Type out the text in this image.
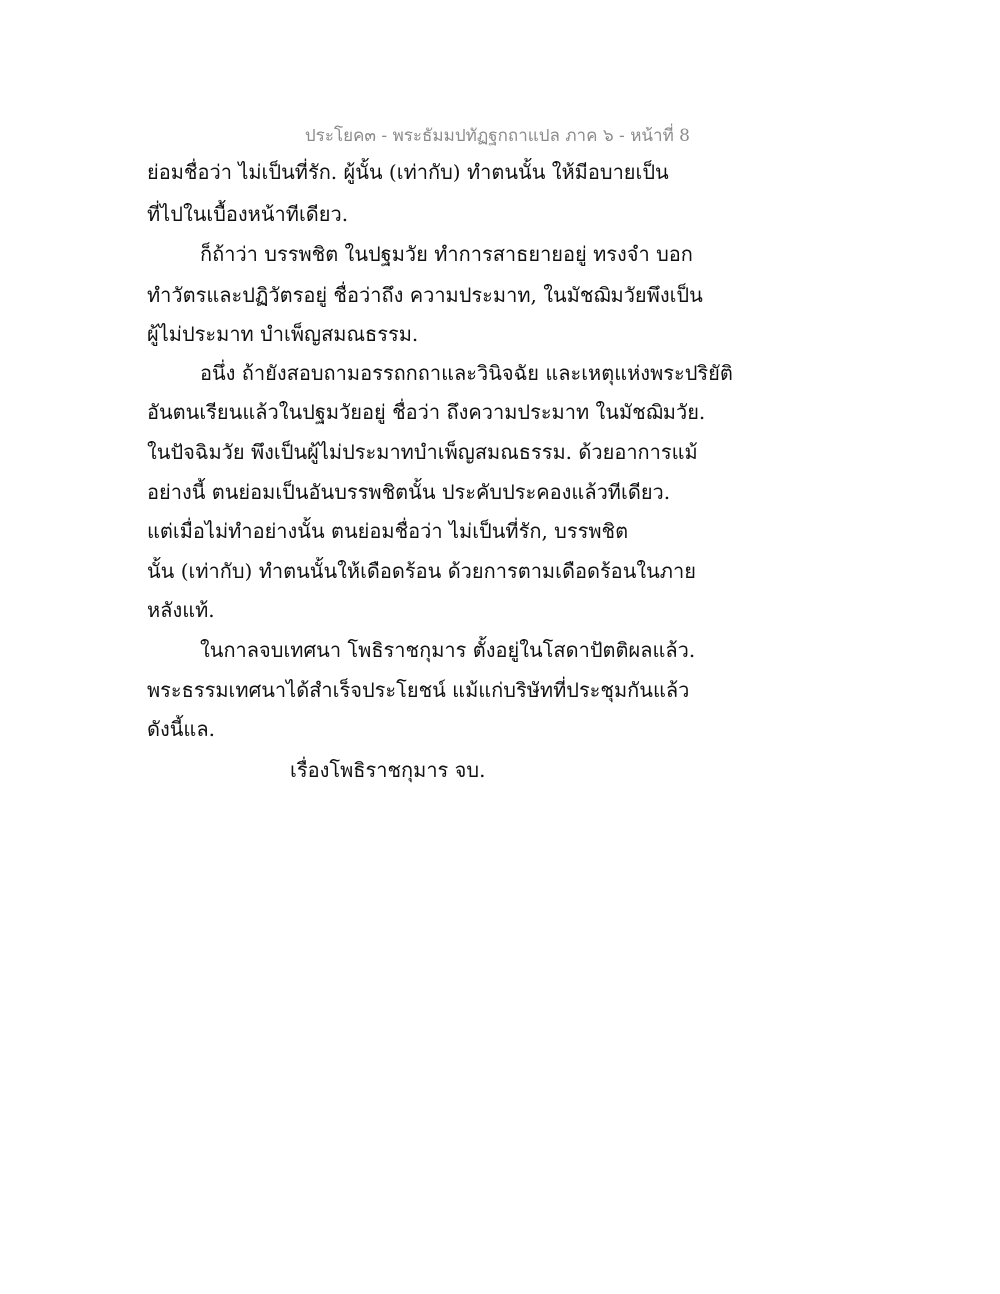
ประโยค๓ - พระธัมมปทัฏฐกถาแปล ภาค ๖ - หน้าที่ 8
ย่อมชื่อว่า ไม่เป็นที่รัก. ผู้นั้น (เท่ากับ) ทำตนนั้น ให้มีอบายเป็น
ที่ไปในเบื้องหน้าทีเดียว.
ก็ถ้าว่า บรรพชิต ในปฐมวัย ทำการสาธยายอยู่ ทรงจำ บอก
ทำวัตรและปฏิวัตรอยู่ ชื่อว่าถึง ความประมาท, ในมัชฌิมวัยพึงเป็น
ผู้ไม่ประมาท บำเพ็ญสมณธรรม.
อนึ่ง ถ้ายังสอบถามอรรถกถาและวินิจฉัย และเหตุแห่งพระปริยัติ
อันตนเรียนแล้วในปฐมวัยอยู่ ชื่อว่า ถึงความประมาท ในมัชฌิมวัย.
ในปัจฉิมวัย พึงเป็นผู้ไม่ประมาทบำเพ็ญสมณธรรม. ด้วยอาการแม้
อย่างนี้ ตนย่อมเป็นอันบรรพชิตนั้น ประคับประคองแล้วทีเดียว.
แต่เมื่อไม่ทำอย่างนั้น ตนย่อมชื่อว่า ไม่เป็นที่รัก, บรรพชิต
นั้น (เท่ากับ) ทำตนนั้นให้เดือดร้อน ด้วยการตามเดือดร้อนในภาย
หลังแท้.
ในกาลจบเทศนา โพธิราชกุมาร ตั้งอยู่ในโสดาปัตติผลแล้ว.
พระธรรมเทศนาได้สำเร็จประโยชน์ แม้แก่บริษัทที่ประชุมกันแล้ว
ดังนี้แล.
เรื่องโพธิราชกุมาร จบ.
